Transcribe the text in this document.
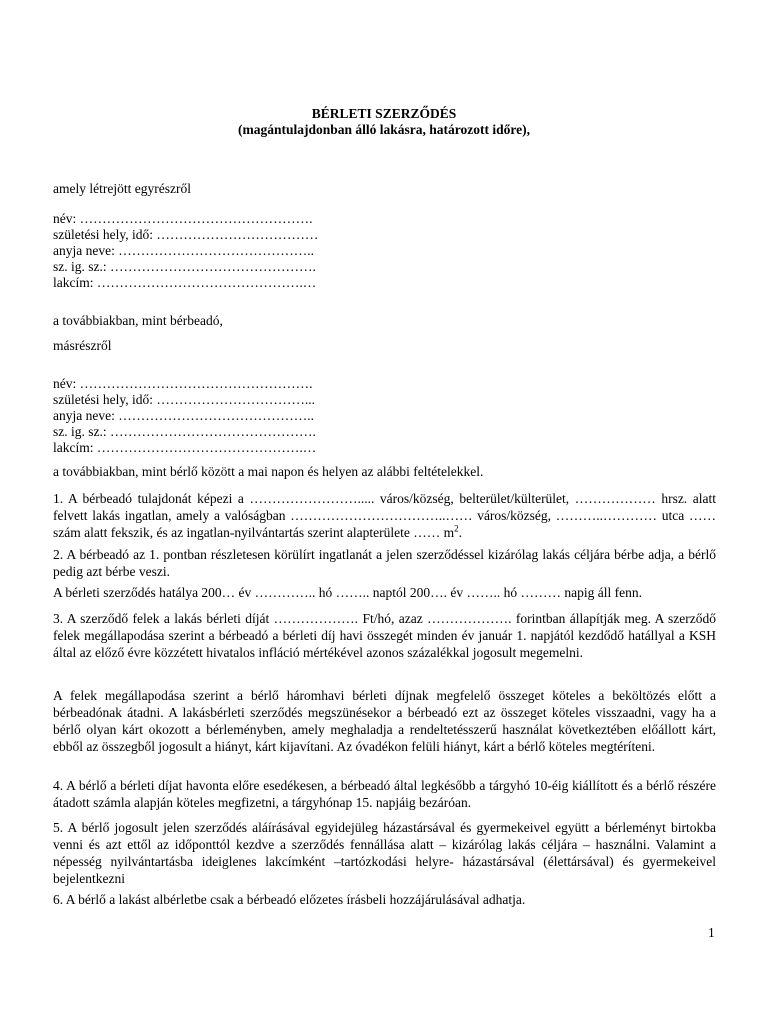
BÉRLETI SZERZŐDÉS
(magántulajdonban álló lakásra, határozott időre),
amely létrejött egyrészről
név: …………………………………………….
születési hely, idő: ………………………………
anyja neve: ……………………………………..
sz. ig. sz.: ……………………………………….
lakcím: ……………………………………….…
a továbbiakban, mint bérbeadó,
másrészről
név: …………………………………………….
születési hely, idő: ……………………………...
anyja neve: ……………………………………..
sz. ig. sz.: ……………………………………….
lakcím: ……………………………………….…
a továbbiakban, mint bérlő között a mai napon és helyen az alábbi feltételekkel.
1. A bérbeadó tulajdonát képezi a ……………………..... város/község, belterület/külterület, ……………… hrsz. alatt felvett lakás ingatlan, amely a valóságban ……………………………..…… város/község, ………..………… utca …… szám alatt fekszik, és az ingatlan-nyilvántartás szerint alapterülete …… $m^2$.
2. A bérbeadó az 1. pontban részletesen körülírt ingatlanát a jelen szerződéssel kizárólag lakás céljára bérbe adja, a bérlő pedig azt bérbe veszi.
A bérleti szerződés hatálya 200… év ………….. hó …….. naptól 200…. év …….. hó ……… napig áll fenn.
3. A szerződő felek a lakás bérleti díját ………………. Ft/hó, azaz ………………. forintban állapítják meg. A szerződő felek megállapodása szerint a bérbeadó a bérleti díj havi összegét minden év január 1. napjától kezdődő hatállyal a KSH által az előző évre közzétett hivatalos infláció mértékével azonos százalékkal jogosult megemelni.
A felek megállapodása szerint a bérlő háromhavi bérleti díjnak megfelelő összeget köteles a beköltözés előtt a bérbeadónak átadni. A lakásbérleti szerződés megszünésekor a bérbeadó ezt az összeget köteles visszaadni, vagy ha a bérlő olyan kárt okozott a bérleményben, amely meghaladja a rendeltetésszerű használat következtében előállott kárt, ebből az összegből jogosult a hiányt, kárt kijavítani. Az óvadékon felüli hiányt, kárt a bérlő köteles megtéríteni.
4. A bérlő a bérleti díjat havonta előre esedékesen, a bérbeadó által legkésőbb a tárgyhó 10-éig kiállított és a bérlő részére átadott számla alapján köteles megfizetni, a tárgyhónap 15. napjáig bezáróan.
5. A bérlő jogosult jelen szerződés aláírásával egyidejüleg házastársával és gyermekeivel együtt a bérleményt birtokba venni és azt ettől az időponttól kezdve a szerződés fennállása alatt – kizárólag lakás céljára – használni. Valamint a népesség nyilvántartásba ideiglenes lakcímként –tartózkodási helyre- házastársával (élettársával) és gyermekeivel bejelentkezni
6. A bérlő a lakást albérletbe csak a bérbeadó előzetes írásbeli hozzájárulásával adhatja.
1
